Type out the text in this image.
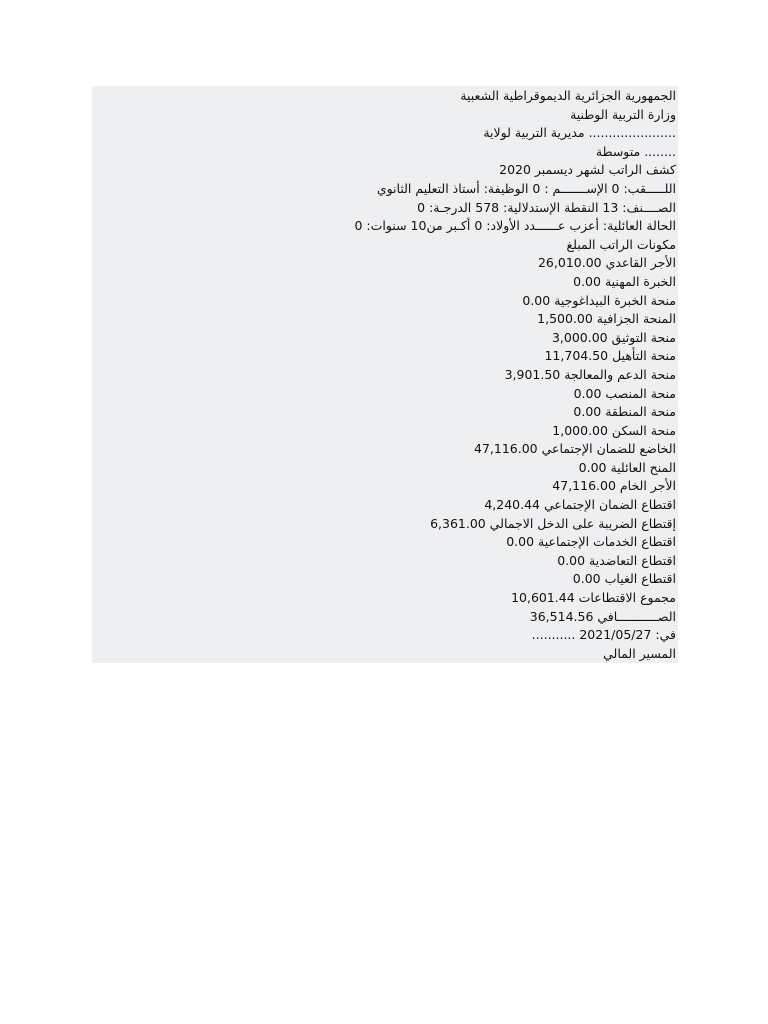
الجمهورية الجزائرية الديموقراطية الشعبية
وزارة التربية الوطنية
...................... مديرية التربية لولاية
........ متوسطة
كشف الراتب لشهر ديسمبر 2020
اللـــــقب: 0 الإســـــــم : 0 الوظيفة: أستاذ التعليم الثانوي
الصــــنف: 13 النقطة الإستدلالية: 578 الدرجـة: 0
الحالة العائلية: أعزب عــــــدد الأولاد: 0 أكـبر من10 سنوات: 0
مكونات الراتب المبلغ
الأجر القاعدي 26,010.00
الخبرة المهنية 0.00
منحة الخبرة البيداغوجية 0.00
المنحة الجزافية 1,500.00
منحة التوثيق 3,000.00
منحة التأهيل 11,704.50
منحة الدعم والمعالجة 3,901.50
منحة المنصب 0.00
منحة المنطقة 0.00
منحة السكن 1,000.00
الخاضع للضمان الإجتماعي 47,116.00
المنح العائلية 0.00
الأجر الخام 47,116.00
اقتطاع الضمان الإجتماعي 4,240.44
إقتطاع الضريبة على الدخل الاجمالي 6,361.00
اقتطاع الخدمات الإجتماعية 0.00
اقتطاع التعاضدية 0.00
اقتطاع الغياب 0.00
مجموع الاقتطاعات 10,601.44
الصـــــــــــافي 36,514.56
في: 2021/05/27 ...........
المسير المالي
